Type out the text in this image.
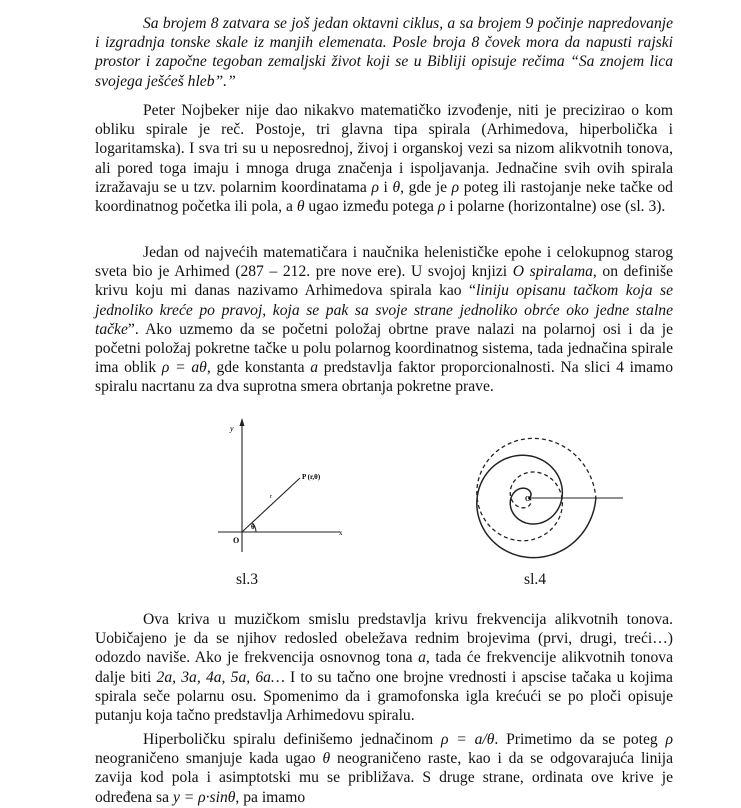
Sa brojem 8 zatvara se još jedan oktavni ciklus, a sa brojem 9 počinje napredovanje i izgradnja tonske skale iz manjih elemenata. Posle broja 8 čovek mora da napusti rajski prostor i započne tegoban zemaljski život koji se u Bibliji opisuje rečima “Sa znojem lica svojega ješćeš hleb”.”

Peter Nojbeker nije dao nikakvo matematičko izvođenje, niti je precizirao o kom obliku spirale je reč. Postoje, tri glavna tipa spirala (Arhimedova, hiperbolička i logaritamska). I sva tri su u neposrednoj, živoj i organskoj vezi sa nizom alikvotnih tonova, ali pored toga imaju i mnoga druga značenja i ispoljavanja. Jednačine svih ovih spirala izražavaju se u tzv. polarnim koordinatama ρ i θ, gde je ρ poteg ili rastojanje neke tačke od koordinatnog početka ili pola, a θ ugao između potega ρ i polarne (horizontalne) ose (sl. 3).

Jedan od najvećih matematičara i naučnika helenističke epohe i celokupnog starog sveta bio je Arhimed (287 – 212. pre nove ere). U svojoj knjizi O spiralama, on definiše krivu koju mi danas nazivamo Arhimedova spirala kao “liniju opisanu tačkom koja se jednoliko kreće po pravoj, koja se pak sa svoje strane jednoliko obrće oko jedne stalne tačke”. Ako uzmemo da se početni položaj obrtne prave nalazi na polarnoj osi i da je početni položaj pokretne tačke u polu polarnog koordinatnog sistema, tada jednačina spirale ima oblik ρ = aθ, gde konstanta a predstavlja faktor proporcionalnosti. Na slici 4 imamo spiralu nacrtanu za dva suprotna smera obrtanja pokretne prave.

y
x
O
P (r,θ)
r
θ
sl.3
O
sl.4

Ova kriva u muzičkom smislu predstavlja krivu frekvencija alikvotnih tonova. Uobičajeno je da se njihov redosled obeležava rednim brojevima (prvi, drugi, treći…) odozdo naviše. Ako je frekvencija osnovnog tona a, tada će frekvencije alikvotnih tonova dalje biti 2a, 3a, 4a, 5a, 6a… I to su tačno one brojne vrednosti i apscise tačaka u kojima spirala seče polarnu osu. Spomenimo da i gramofonska igla krećući se po ploči opisuje putanju koja tačno predstavlja Arhimedovu spiralu.

Hiperboličku spiralu definišemo jednačinom ρ = a/θ. Primetimo da se poteg ρ neograničeno smanjuje kada ugao θ neograničeno raste, kao i da se odgovarajuća linija zavija kod pola i asimptotski mu se približava. S druge strane, ordinata ove krive je određena sa y = ρ·sinθ, pa imamo
